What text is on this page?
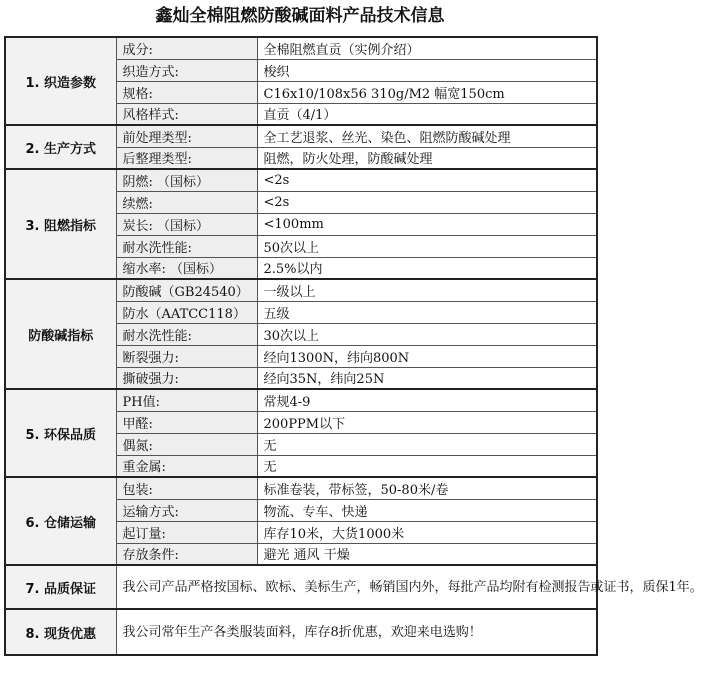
鑫灿全棉阻燃防酸碱面料产品技术信息
1. 织造参数	成分:	全棉阻燃直贡（实例介绍）
	织造方式:	梭织
	规格:	C16x10/108x56 310g/M2 幅宽150cm
	风格样式:	直贡（4/1）
2. 生产方式	前处理类型:	全工艺退浆、丝光、染色、阻燃防酸碱处理
	后整理类型:	阻燃，防火处理，防酸碱处理
3. 阻燃指标	阴燃: （国标）	<2s
	续燃:	<2s
	炭长: （国标）	<100mm
	耐水洗性能:	50次以上
	缩水率: （国标）	2.5%以内
防酸碱指标	防酸碱（GB24540）	一级以上
	防水（AATCC118）	五级
	耐水洗性能:	30次以上
	断裂强力:	经向1300N，纬向800N
	撕破强力:	经向35N，纬向25N
5. 环保品质	PH值:	常规4-9
	甲醛:	200PPM以下
	偶氮:	无
	重金属:	无
6. 仓储运输	包装:	标准卷装，带标签，50-80米/卷
	运输方式:	物流、专车、快递
	起订量:	库存10米，大货1000米
	存放条件:	避光 通风 干燥
7. 品质保证	我公司产品严格按国标、欧标、美标生产，畅销国内外，每批产品均附有检测报告或证书，质保1年。	
8. 现货优惠	我公司常年生产各类服装面料，库存8折优惠，欢迎来电选购！	
